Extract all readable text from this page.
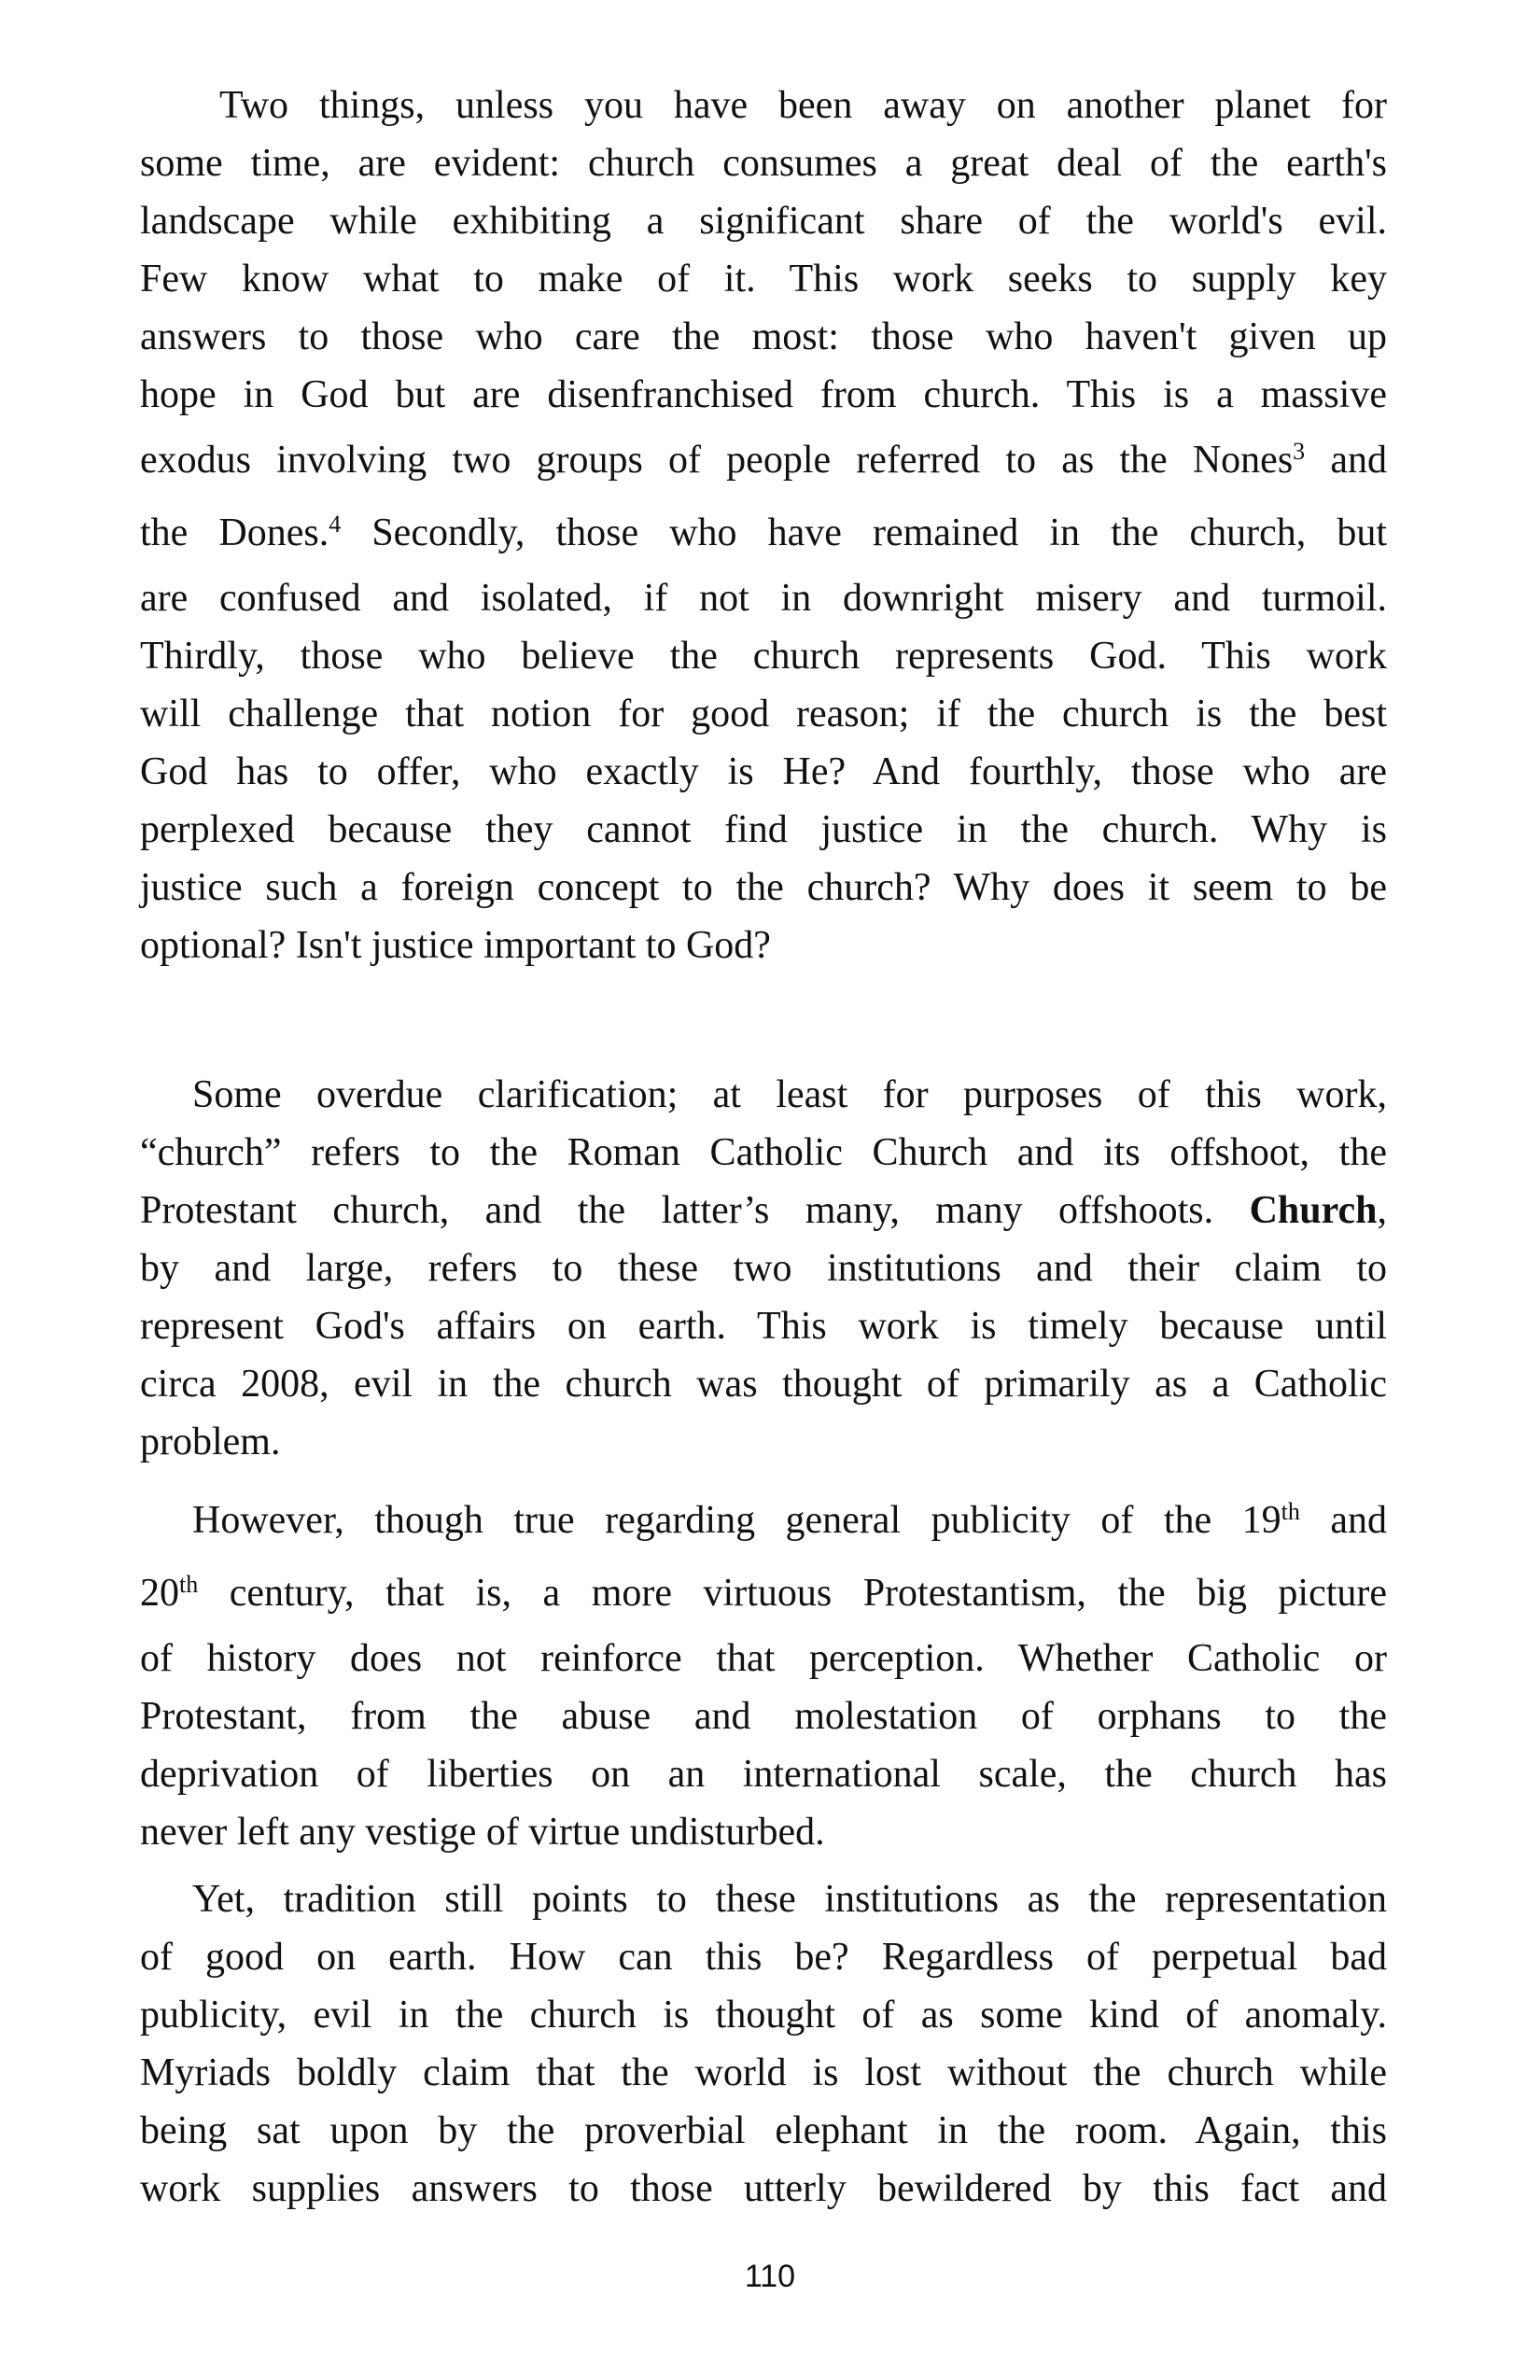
Two things, unless you have been away on another planet for
some time, are evident: church consumes a great deal of the earth's
landscape while exhibiting a significant share of the world's evil.
Few know what to make of it. This work seeks to supply key
answers to those who care the most: those who haven't given up
hope in God but are disenfranchised from church. This is a massive
exodus involving two groups of people referred to as the Nones$^3$ and
the Dones.$^4$ Secondly, those who have remained in the church, but
are confused and isolated, if not in downright misery and turmoil.
Thirdly, those who believe the church represents God. This work
will challenge that notion for good reason; if the church is the best
God has to offer, who exactly is He? And fourthly, those who are
perplexed because they cannot find justice in the church. Why is
justice such a foreign concept to the church? Why does it seem to be
optional? Isn't justice important to God?
Some overdue clarification; at least for purposes of this work,
“church” refers to the Roman Catholic Church and its offshoot, the
Protestant church, and the latter’s many, many offshoots. Church,
by and large, refers to these two institutions and their claim to
represent God's affairs on earth. This work is timely because until
circa 2008, evil in the church was thought of primarily as a Catholic
problem.
However, though true regarding general publicity of the 19th and
20th century, that is, a more virtuous Protestantism, the big picture
of history does not reinforce that perception. Whether Catholic or
Protestant, from the abuse and molestation of orphans to the
deprivation of liberties on an international scale, the church has
never left any vestige of virtue undisturbed.
Yet, tradition still points to these institutions as the representation
of good on earth. How can this be? Regardless of perpetual bad
publicity, evil in the church is thought of as some kind of anomaly.
Myriads boldly claim that the world is lost without the church while
being sat upon by the proverbial elephant in the room. Again, this
work supplies answers to those utterly bewildered by this fact and
110
